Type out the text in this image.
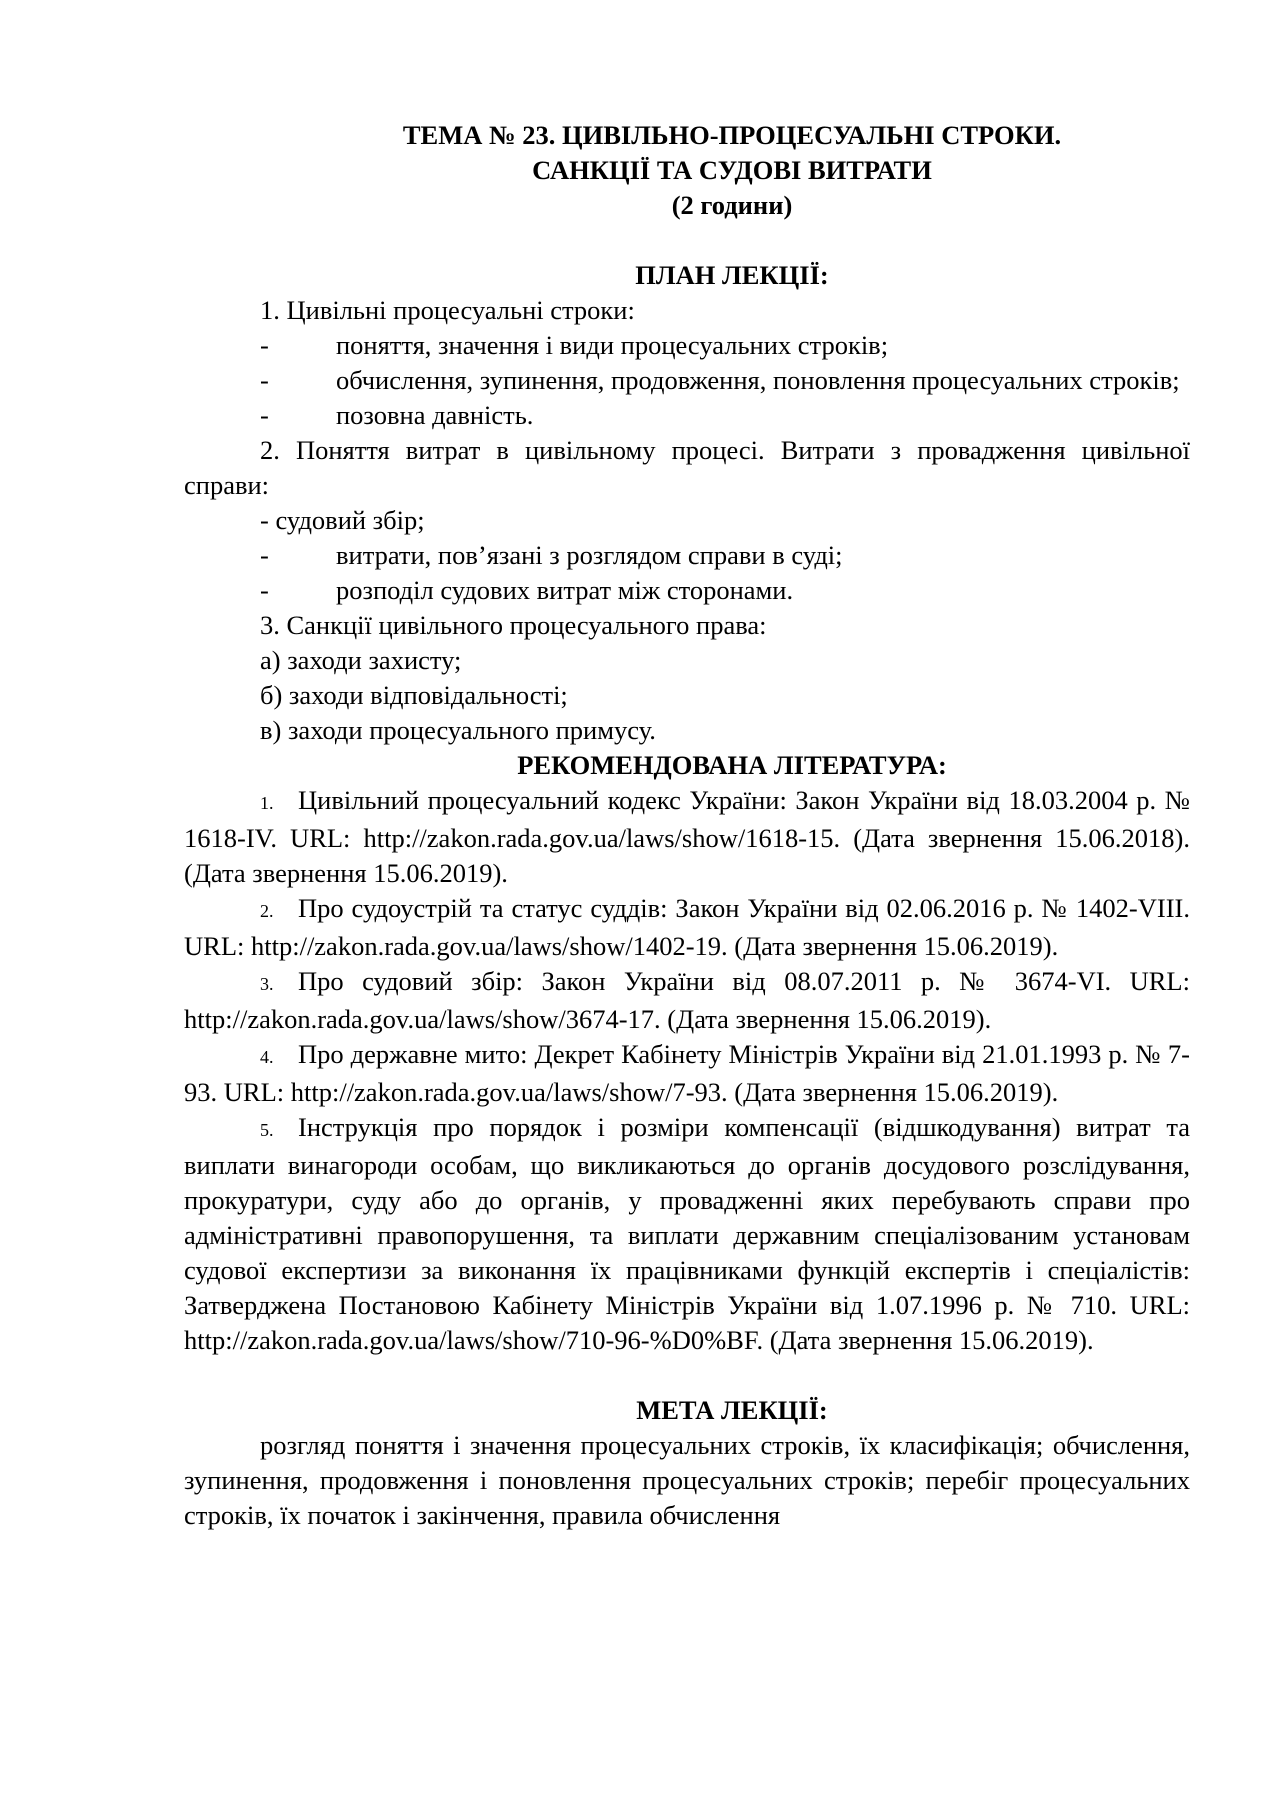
ТЕМА № 23. ЦИВІЛЬНО-ПРОЦЕСУАЛЬНІ СТРОКИ.
САНКЦІЇ ТА СУДОВІ ВИТРАТИ
(2 години)
ПЛАН ЛЕКЦІЇ:
1. Цивільні процесуальні строки:
-	поняття, значення і види процесуальних строків;
-	обчислення, зупинення, продовження, поновлення процесуальних строків;
-	позовна давність.
2. Поняття витрат в цивільному процесі. Витрати з провадження цивільної справи:
- судовий збір;
-	витрати, пов’язані з розглядом справи в суді;
-	розподіл судових витрат між сторонами.
3. Санкції цивільного процесуального права:
а) заходи захисту;
б) заходи відповідальності;
в) заходи процесуального примусу.
РЕКОМЕНДОВАНА ЛІТЕРАТУРА:
1. Цивільний процесуальний кодекс України: Закон України від 18.03.2004 р. № 1618-IV. URL: http://zakon.rada.gov.ua/laws/show/1618-15. (Дата звернення 15.06.2018). (Дата звернення 15.06.2019).
2. Про судоустрій та статус суддів: Закон України від 02.06.2016 р. № 1402-VIII. URL: http://zakon.rada.gov.ua/laws/show/1402-19. (Дата звернення 15.06.2019).
3. Про судовий збір: Закон України від 08.07.2011 р. № 3674-VI. URL: http://zakon.rada.gov.ua/laws/show/3674-17. (Дата звернення 15.06.2019).
4. Про державне мито: Декрет Кабінету Міністрів України від 21.01.1993 р. № 7-93. URL: http://zakon.rada.gov.ua/laws/show/7-93. (Дата звернення 15.06.2019).
5. Інструкція про порядок і розміри компенсації (відшкодування) витрат та виплати винагороди особам, що викликаються до органів досудового розслідування, прокуратури, суду або до органів, у провадженні яких перебувають справи про адміністративні правопорушення, та виплати державним спеціалізованим установам судової експертизи за виконання їх працівниками функцій експертів і спеціалістів: Затверджена Постановою Кабінету Міністрів України від 1.07.1996 р. № 710. URL: http://zakon.rada.gov.ua/laws/show/710-96-%D0%BF. (Дата звернення 15.06.2019).
МЕТА ЛЕКЦІЇ:
розгляд поняття і значення процесуальних строків, їх класифікація; обчислення, зупинення, продовження і поновлення процесуальних строків; перебіг процесуальних строків, їх початок і закінчення, правила обчислення
